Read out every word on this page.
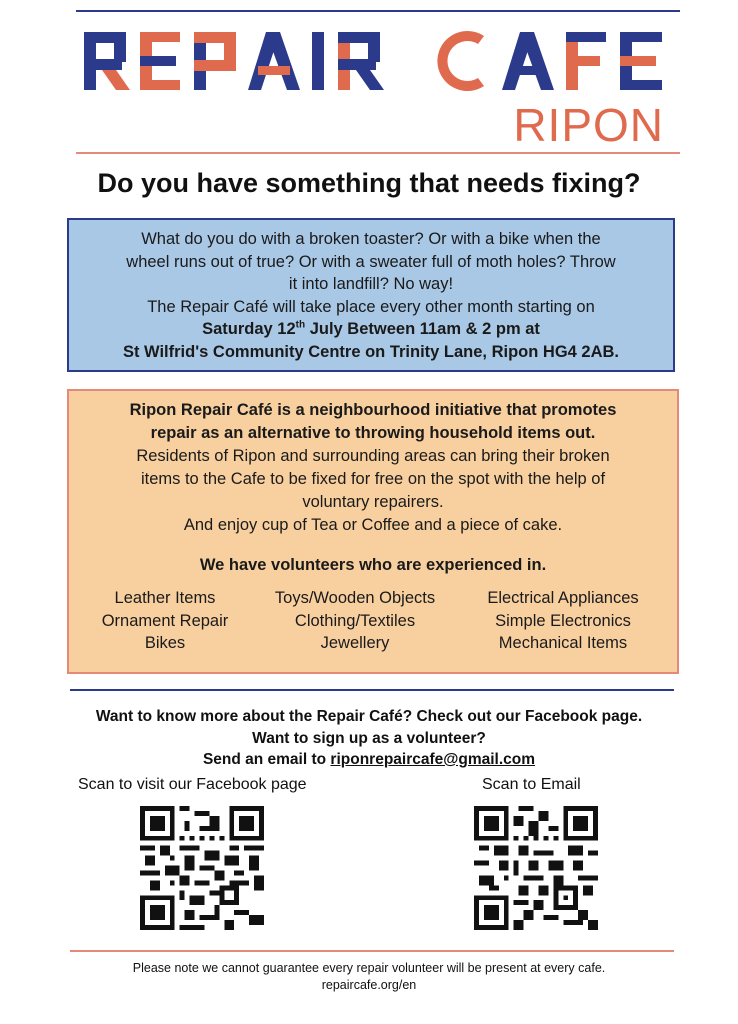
RIPON
Do you have something that needs fixing?
What do you do with a broken toaster? Or with a bike when the
wheel runs out of true? Or with a sweater full of moth holes? Throw
it into landfill? No way!
The Repair Café will take place every other month starting on
Saturday 12th July Between 11am & 2 pm at
St Wilfrid's Community Centre on Trinity Lane, Ripon HG4 2AB.
Ripon Repair Café is a neighbourhood initiative that promotes
repair as an alternative to throwing household items out.
Residents of Ripon and surrounding areas can bring their broken
items to the Cafe to be fixed for free on the spot with the help of
voluntary repairers.
And enjoy cup of Tea or Coffee and a piece of cake.
We have volunteers who are experienced in.
Leather Items
Ornament Repair
Bikes
Toys/Wooden Objects
Clothing/Textiles
Jewellery
Electrical Appliances
Simple Electronics
Mechanical Items
Want to know more about the Repair Café? Check out our Facebook page.
Want to sign up as a volunteer?
Send an email to riponrepaircafe@gmail.com
Scan to visit our Facebook page	Scan to Email
Please note we cannot guarantee every repair volunteer will be present at every cafe.
repaircafe.org/en
